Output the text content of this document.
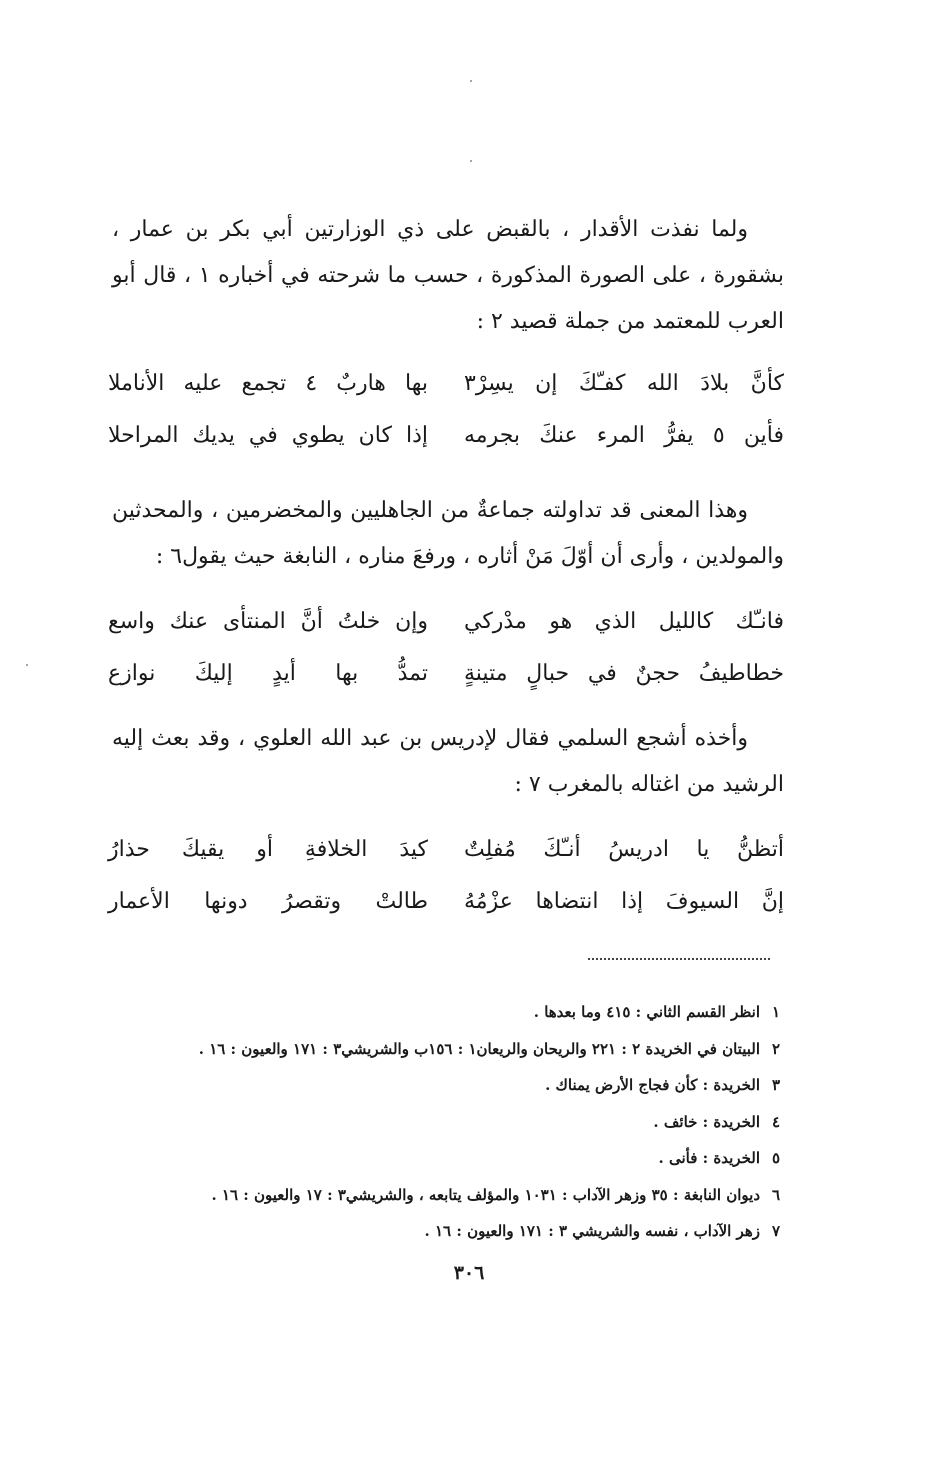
ولما نفذت الأقدار ، بالقبض على ذي الوزارتين أبي بكر بن عمار ، بشقورة ، على الصورة المذكورة ، حسب ما شرحته في أخباره ١ ، قال أبو العرب للمعتمد من جملة قصيد ٢ :

كأنَّ بلادَ الله كفـّكَ إن يسِرْ٣
بها هاربٌ ٤ تجمع عليه الأناملا
فأين ٥ يفرُّ المرء عنكَ بجرمه
إذا كان يطوي في يديك المراحلا

وهذا المعنى قد تداولته جماعةٌ من الجاهليين والمخضرمين ، والمحدثين والمولدين ، وأرى أن أوّلَ مَنْ أثاره ، ورفعَ مناره ، النابغة حيث يقول٦ :

فانـّك كالليل الذي هو مدْركي
وإن خلتُ أنَّ المنتأى عنك واسع
خطاطيفُ حجنٌ في حبالٍ متينةٍ
تمدُّ بها أيدٍ إليكَ نوازع

وأخذه أشجع السلمي فقال لإدريس بن عبد الله العلوي ، وقد بعث إليه الرشيد من اغتاله بالمغرب ٧ :

أتظنُّ يا ادريسُ أنـّكَ مُفلِتٌ
كيدَ الخلافةِ أو يقيكَ حذارُ
إنَّ السيوفَ إذا انتضاها عزْمُهُ
طالتْ وتقصرُ دونها الأعمار
١انظر القسم الثاني : ٤١٥ وما بعدها .
٢البيتان في الخريدة ٢ : ٢٢١ والريحان والريعان١ : ١٥٦ب والشريشي٣ : ١٧١ والعيون : ١٦ .
٣الخريدة : كأن فجاج الأرض يمناك .
٤الخريدة : خائف .
٥الخريدة : فأنى .
٦ديوان النابغة : ٣٥ وزهر الآداب : ١٠٣١ والمؤلف يتابعه ، والشريشي٣ : ١٧ والعيون : ١٦ .
٧زهر الآداب ، نفسه والشريشي ٣ : ١٧١ والعيون : ١٦ .
٣٠٦
